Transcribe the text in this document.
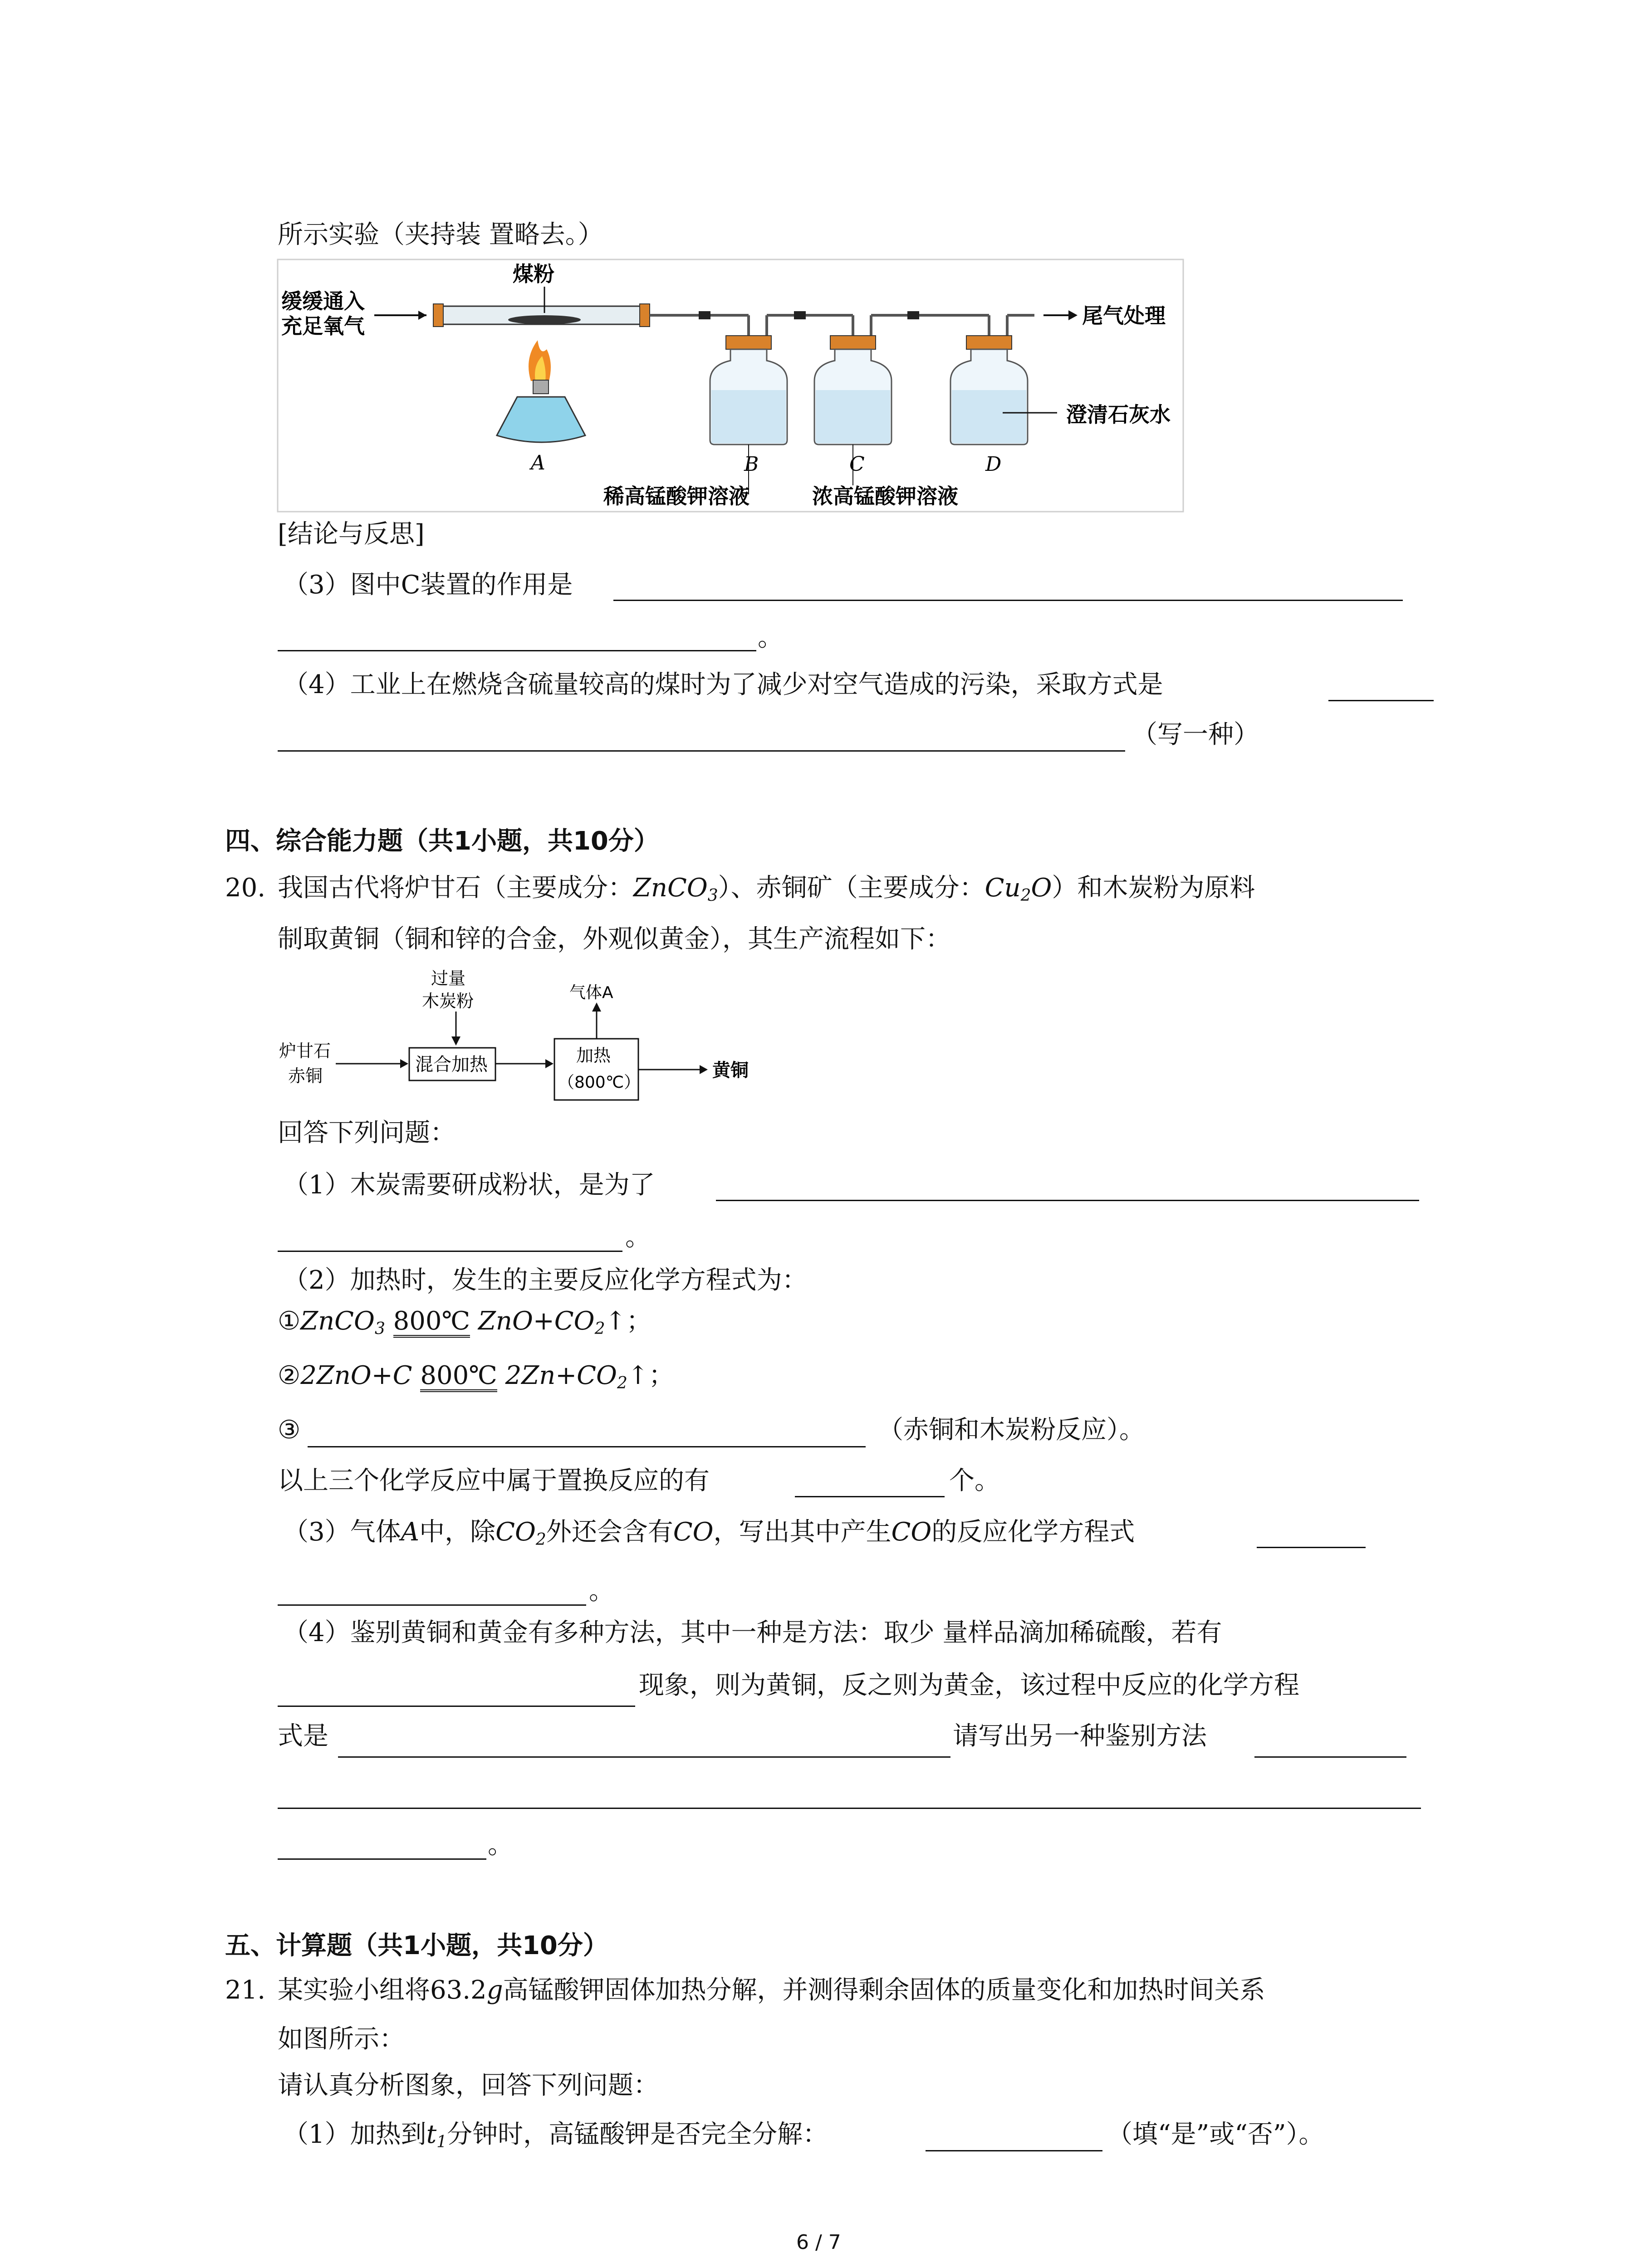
所示实验（夹持装 置略去。）
缓缓通入
充足氧气
煤粉
A
尾气处理
B	C	D
澄清石灰水
稀高锰酸钾溶液	浓高锰酸钾溶液
[结论与反思]
（3）图中C装置的作用是
。
（4）工业上在燃烧含硫量较高的煤时为了减少对空气造成的污染，采取方式是
（写一种）
四、综合能力题（共1小题，共10分）
20. 我国古代将炉甘石（主要成分：ZnCO$_3$）、赤铜矿（主要成分：$Cu_2O$）和木炭粉为原料
制取黄铜（铜和锌的合金，外观似黄金），其生产流程如下：
过量
木炭粉
炉甘石
赤铜
混合加热	加热
（800℃）
气体A
黄铜
回答下列问题：
（1）木炭需要研成粉状，是为了
。
（2）加热时，发生的主要反应化学方程式为：
①ZnCO$_3$ 800℃ $ZnO+CO_2↑$；
②2ZnO+C 800℃ $2Zn+CO_2↑$；
③	（赤铜和木炭粉反应）。
以上三个化学反应中属于置换反应的有	个。
（3）气体A中，除$CO_2$外还会含有CO，写出其中产生CO的反应化学方程式
。
（4）鉴别黄铜和黄金有多种方法，其中一种是方法：取少 量样品滴加稀硫酸，若有
现象，则为黄铜，反之则为黄金，该过程中反应的化学方程
式是	请写出另一种鉴别方法
。
五、计算题（共1小题，共10分）
21. 某实验小组将63.2g高锰酸钾固体加热分解，并测得剩余固体的质量变化和加热时间关系
如图所示：
请认真分析图象，回答下列问题：
（1）加热到$t_1$分钟时，高锰酸钾是否完全分解：	（填“是”或“否”）。
6 / 7
